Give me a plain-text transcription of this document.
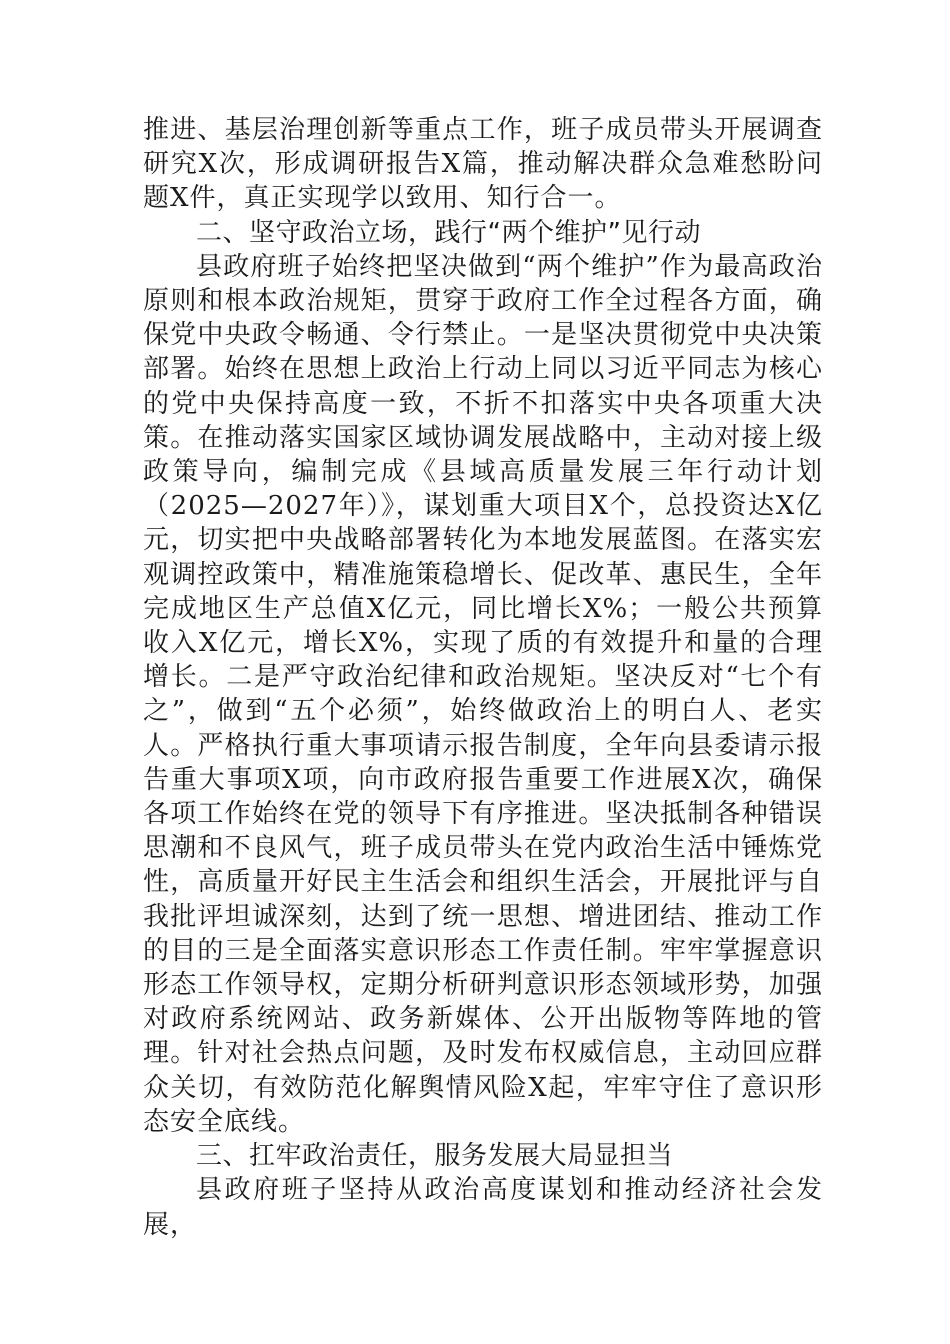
推进、基层治理创新等重点工作，班子成员带头开展调查研究X次，形成调研报告X篇，推动解决群众急难愁盼问题X件，真正实现学以致用、知行合一。

二、坚守政治立场，践行“两个维护”见行动

县政府班子始终把坚决做到“两个维护”作为最高政治原则和根本政治规矩，贯穿于政府工作全过程各方面，确保党中央政令畅通、令行禁止。一是坚决贯彻党中央决策部署。始终在思想上政治上行动上同以习近平同志为核心的党中央保持高度一致，不折不扣落实中央各项重大决策。在推动落实国家区域协调发展战略中，主动对接上级政策导向，编制完成《县域高质量发展三年行动计划（2025—2027年）》，谋划重大项目X个，总投资达X亿元，切实把中央战略部署转化为本地发展蓝图。在落实宏观调控政策中，精准施策稳增长、促改革、惠民生，全年完成地区生产总值X亿元，同比增长X%；一般公共预算收入X亿元，增长X%，实现了质的有效提升和量的合理增长。二是严守政治纪律和政治规矩。坚决反对“七个有之”，做到“五个必须”，始终做政治上的明白人、老实人。严格执行重大事项请示报告制度，全年向县委请示报告重大事项X项，向市政府报告重要工作进展X次，确保各项工作始终在党的领导下有序推进。坚决抵制各种错误思潮和不良风气，班子成员带头在党内政治生活中锤炼党性，高质量开好民主生活会和组织生活会，开展批评与自我批评坦诚深刻，达到了统一思想、增进团结、推动工作的目的三是全面落实意识形态工作责任制。牢牢掌握意识形态工作领导权，定期分析研判意识形态领域形势，加强对政府系统网站、政务新媒体、公开出版物等阵地的管理。针对社会热点问题，及时发布权威信息，主动回应群众关切，有效防范化解舆情风险X起，牢牢守住了意识形态安全底线。

三、扛牢政治责任，服务发展大局显担当

县政府班子坚持从政治高度谋划和推动经济社会发展，
